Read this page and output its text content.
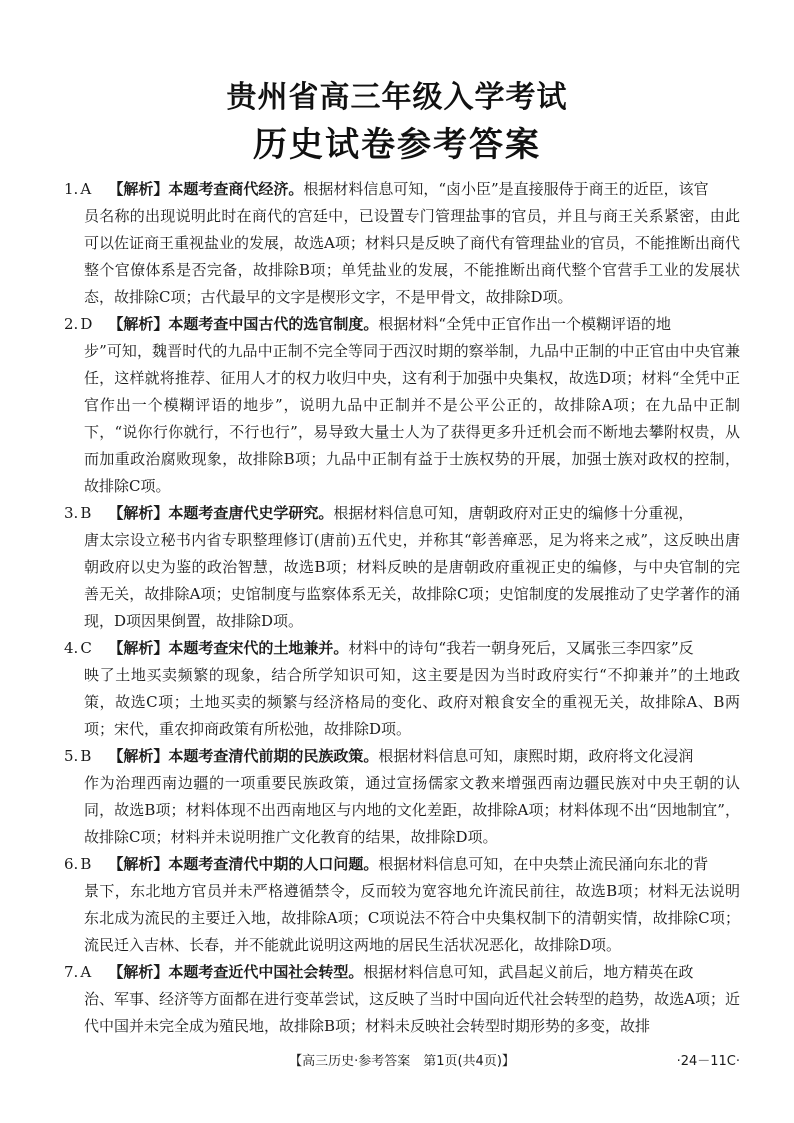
贵州省高三年级入学考试
历史试卷参考答案
1. A 【解析】本题考查商代经济。根据材料信息可知，“卤小臣”是直接服侍于商王的近臣，该官
员名称的出现说明此时在商代的宫廷中，已设置专门管理盐事的官员，并且与商王关系紧密，由此可以佐证商王重视盐业的发展，故选A项；材料只是反映了商代有管理盐业的官员，不能推断出商代整个官僚体系是否完备，故排除B项；单凭盐业的发展，不能推断出商代整个官营手工业的发展状态，故排除C项；古代最早的文字是楔形文字，不是甲骨文，故排除D项。
2. D 【解析】本题考查中国古代的选官制度。根据材料“全凭中正官作出一个模糊评语的地
步”可知，魏晋时代的九品中正制不完全等同于西汉时期的察举制，九品中正制的中正官由中央官兼任，这样就将推荐、征用人才的权力收归中央，这有利于加强中央集权，故选D项；材料“全凭中正官作出一个模糊评语的地步”，说明九品中正制并不是公平公正的，故排除A项；在九品中正制下，“说你行你就行，不行也行”，易导致大量士人为了获得更多升迁机会而不断地去攀附权贵，从而加重政治腐败现象，故排除B项；九品中正制有益于士族权势的开展，加强士族对政权的控制，故排除C项。
3. B 【解析】本题考查唐代史学研究。根据材料信息可知，唐朝政府对正史的编修十分重视，
唐太宗设立秘书内省专职整理修订(唐前)五代史，并称其“彰善瘅恶，足为将来之戒”，这反映出唐朝政府以史为鉴的政治智慧，故选B项；材料反映的是唐朝政府重视正史的编修，与中央官制的完善无关，故排除A项；史馆制度与监察体系无关，故排除C项；史馆制度的发展推动了史学著作的涌现，D项因果倒置，故排除D项。
4. C 【解析】本题考查宋代的土地兼并。材料中的诗句“我若一朝身死后，又属张三李四家”反
映了土地买卖频繁的现象，结合所学知识可知，这主要是因为当时政府实行“不抑兼并”的土地政策，故选C项；土地买卖的频繁与经济格局的变化、政府对粮食安全的重视无关，故排除A、B两项；宋代，重农抑商政策有所松弛，故排除D项。
5. B 【解析】本题考查清代前期的民族政策。根据材料信息可知，康熙时期，政府将文化浸润
作为治理西南边疆的一项重要民族政策，通过宣扬儒家文教来增强西南边疆民族对中央王朝的认同，故选B项；材料体现不出西南地区与内地的文化差距，故排除A项；材料体现不出“因地制宜”，故排除C项；材料并未说明推广文化教育的结果，故排除D项。
6. B 【解析】本题考查清代中期的人口问题。根据材料信息可知，在中央禁止流民涌向东北的背
景下，东北地方官员并未严格遵循禁令，反而较为宽容地允许流民前往，故选B项；材料无法说明东北成为流民的主要迁入地，故排除A项；C项说法不符合中央集权制下的清朝实情，故排除C项；流民迁入吉林、长春，并不能就此说明这两地的居民生活状况恶化，故排除D项。
7. A 【解析】本题考查近代中国社会转型。根据材料信息可知，武昌起义前后，地方精英在政
治、军事、经济等方面都在进行变革尝试，这反映了当时中国向近代社会转型的趋势，故选A项；近代中国并未完全成为殖民地，故排除B项；材料未反映社会转型时期形势的多变，故排
【高三历史·参考答案　第1页(共4页)】	·24－11C·
